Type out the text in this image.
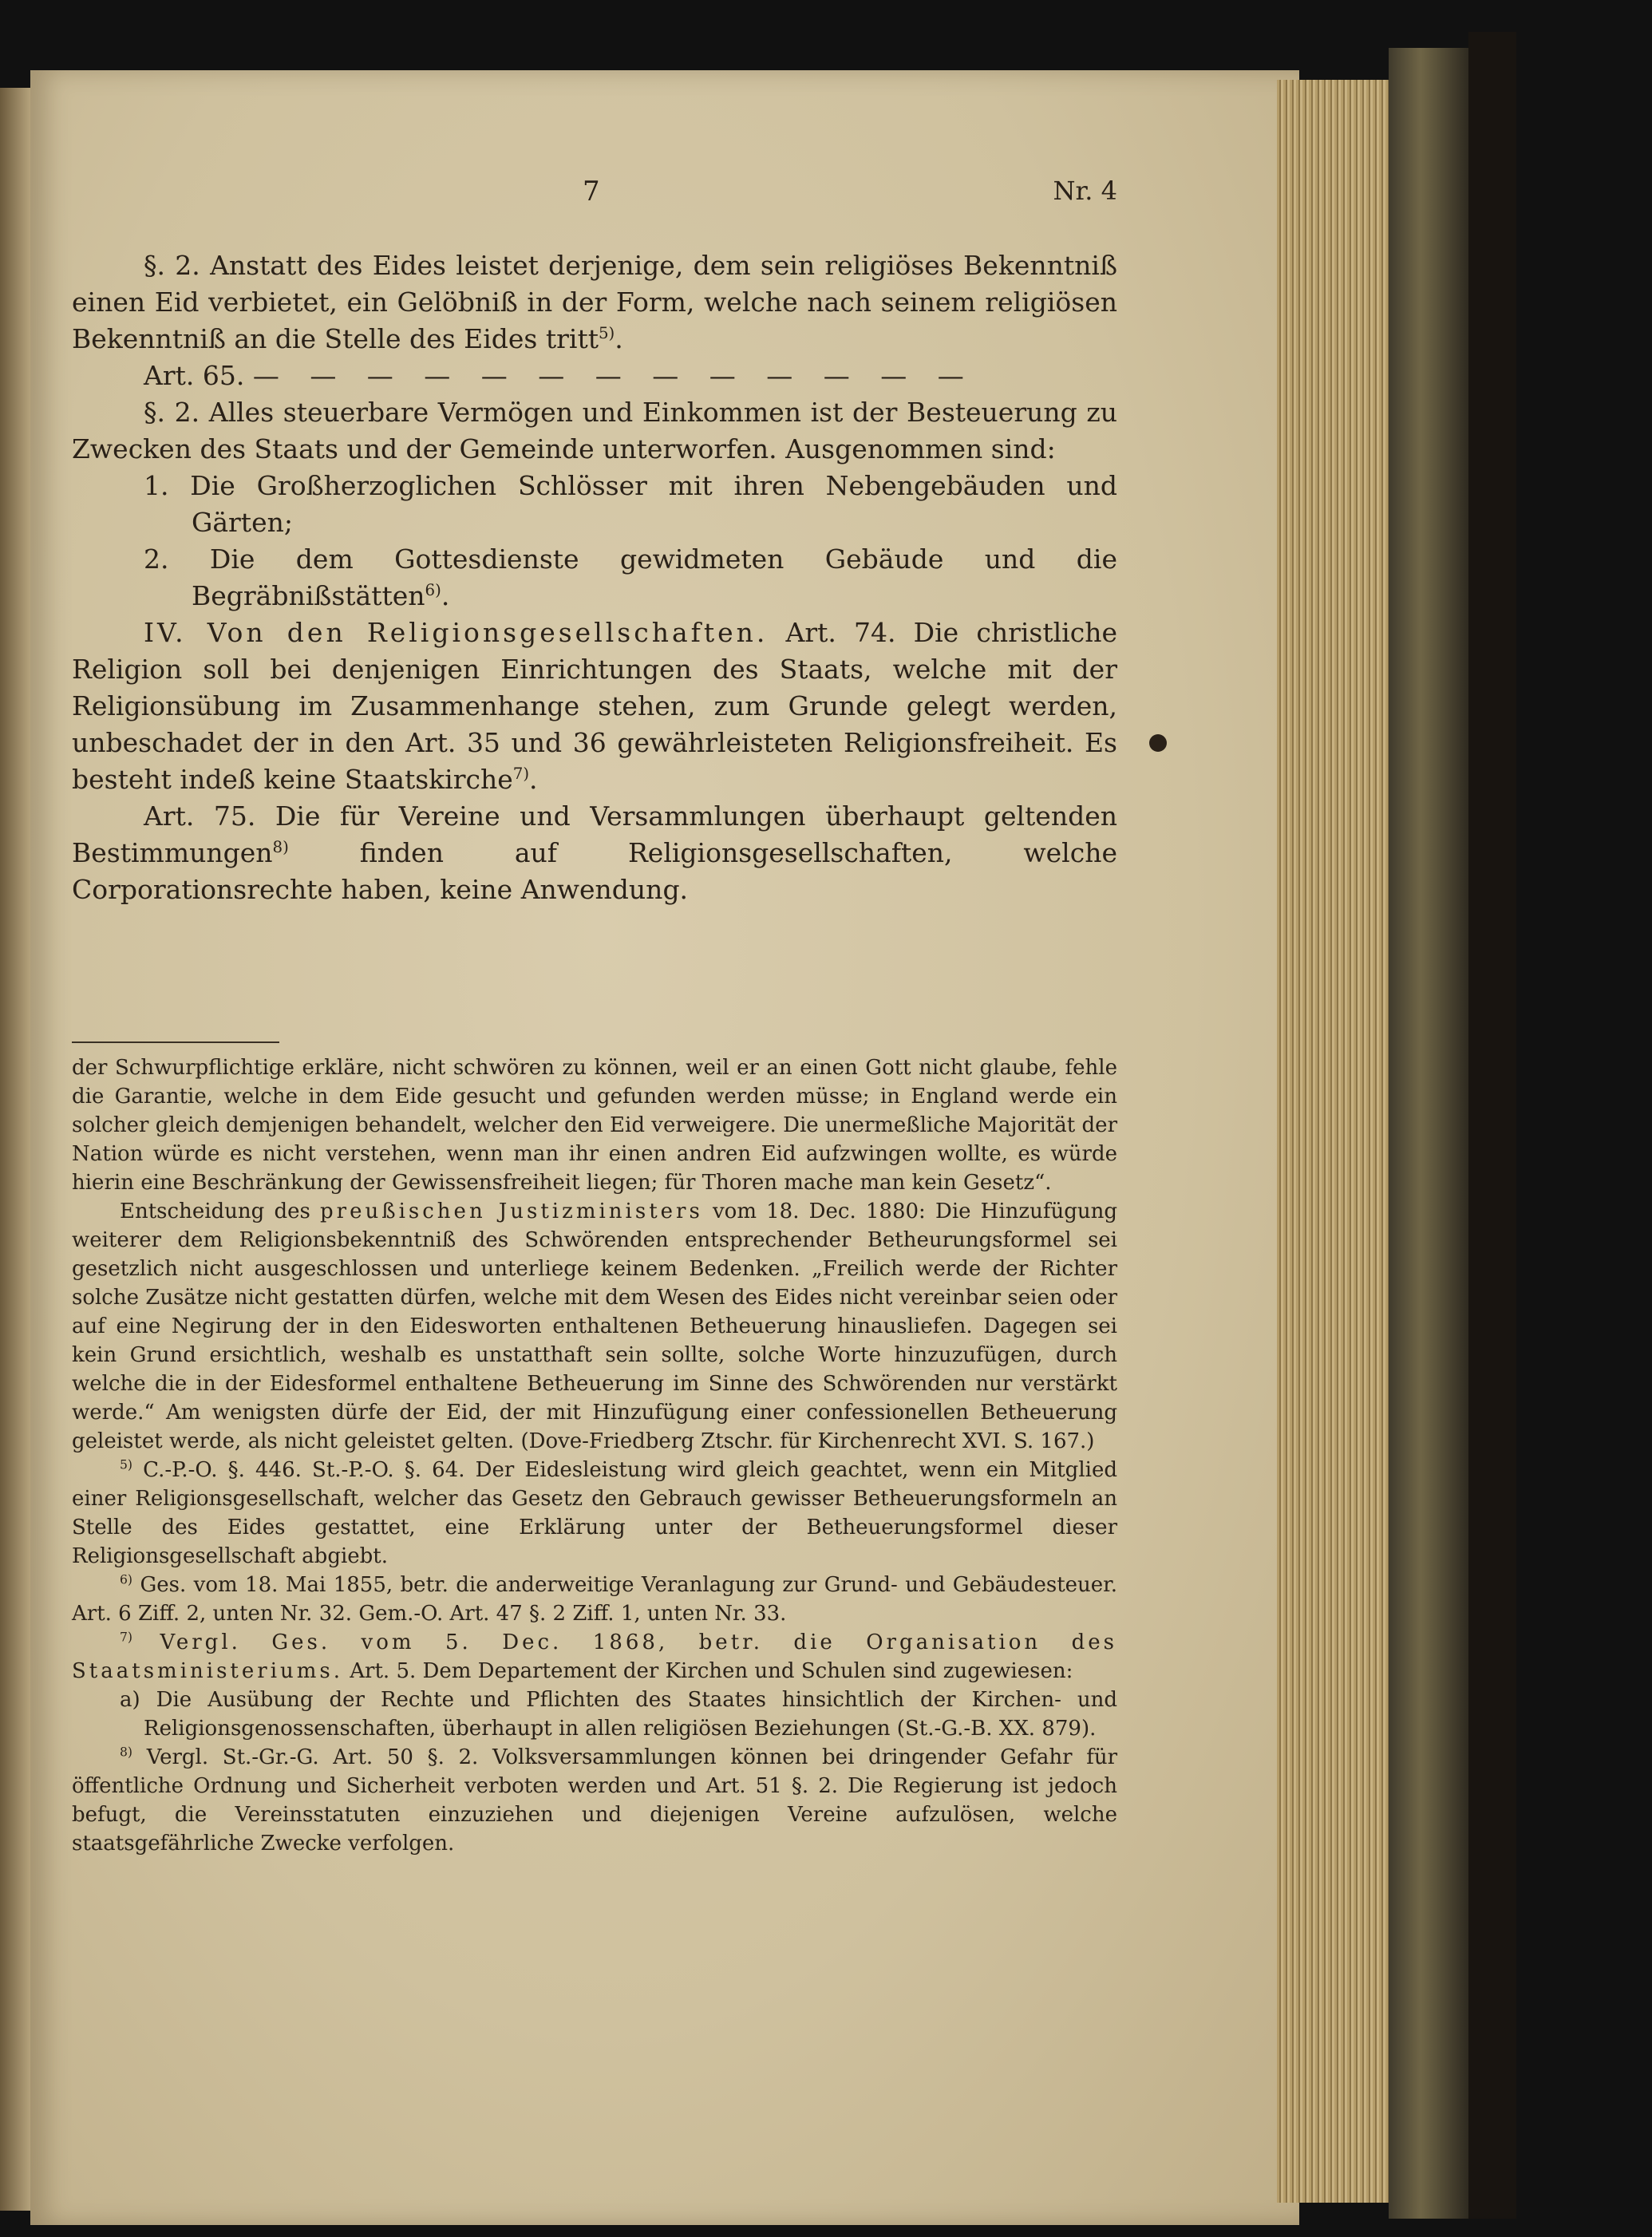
7	Nr. 4

§. 2. Anstatt des Eides leistet derjenige, dem sein religiöses Bekenntniß einen Eid verbietet, ein Gelöbniß in der Form, welche nach seinem religiösen Bekenntniß an die Stelle des Eides tritt$^{5)}$.

Art. 65. — — — — — — — — — — — — —

§. 2. Alles steuerbare Vermögen und Einkommen ist der Besteuerung zu Zwecken des Staats und der Gemeinde unterworfen. Ausgenommen sind:

1. Die Großherzoglichen Schlösser mit ihren Nebengebäuden und Gärten;

2. Die dem Gottesdienste gewidmeten Gebäude und die Begräbnißstätten$^{6)}$.

IV. Von den Religionsgesellschaften. Art. 74. Die christliche Religion soll bei denjenigen Einrichtungen des Staats, welche mit der Religionsübung im Zusammenhange stehen, zum Grunde gelegt werden, unbeschadet der in den Art. 35 und 36 gewährleisteten Religionsfreiheit. Es besteht indeß keine Staatskirche$^{7)}$.

Art. 75. Die für Vereine und Versammlungen überhaupt geltenden Bestimmungen$^{8)}$ finden auf Religionsgesellschaften, welche Corporationsrechte haben, keine Anwendung.

der Schwurpflichtige erkläre, nicht schwören zu können, weil er an einen Gott nicht glaube, fehle die Garantie, welche in dem Eide gesucht und gefunden werden müsse; in England werde ein solcher gleich demjenigen behandelt, welcher den Eid verweigere. Die unermeßliche Majorität der Nation würde es nicht verstehen, wenn man ihr einen andren Eid aufzwingen wollte, es würde hierin eine Beschränkung der Gewissensfreiheit liegen; für Thoren mache man kein Gesetz“.

Entscheidung des preußischen Justizministers vom 18. Dec. 1880: Die Hinzufügung weiterer dem Religionsbekenntniß des Schwörenden entsprechender Betheurungsformel sei gesetzlich nicht ausgeschlossen und unterliege keinem Bedenken. „Freilich werde der Richter solche Zusätze nicht gestatten dürfen, welche mit dem Wesen des Eides nicht vereinbar seien oder auf eine Negirung der in den Eidesworten enthaltenen Betheuerung hinausliefen. Dagegen sei kein Grund ersichtlich, weshalb es unstatthaft sein sollte, solche Worte hinzuzufügen, durch welche die in der Eidesformel enthaltene Betheuerung im Sinne des Schwörenden nur verstärkt werde.“ Am wenigsten dürfe der Eid, der mit Hinzufügung einer confessionellen Betheuerung geleistet werde, als nicht geleistet gelten. (Dove-Friedberg Ztschr. für Kirchenrecht XVI. S. 167.)

$^{5)}$ C.-P.-O. §. 446. St.-P.-O. §. 64. Der Eidesleistung wird gleich geachtet, wenn ein Mitglied einer Religionsgesellschaft, welcher das Gesetz den Gebrauch gewisser Betheuerungsformeln an Stelle des Eides gestattet, eine Erklärung unter der Betheuerungsformel dieser Religionsgesellschaft abgiebt.

$^{6)}$ Ges. vom 18. Mai 1855, betr. die anderweitige Veranlagung zur Grund- und Gebäudesteuer. Art. 6 Ziff. 2, unten Nr. 32. Gem.-O. Art. 47 §. 2 Ziff. 1, unten Nr. 33.

$^{7)}$ Vergl. Ges. vom 5. Dec. 1868, betr. die Organisation des Staatsministeriums. Art. 5. Dem Departement der Kirchen und Schulen sind zugewiesen:

a) Die Ausübung der Rechte und Pflichten des Staates hinsichtlich der Kirchen- und Religionsgenossenschaften, überhaupt in allen religiösen Beziehungen (St.-G.-B. XX. 879).

$^{8)}$ Vergl. St.-Gr.-G. Art. 50 §. 2. Volksversammlungen können bei dringender Gefahr für öffentliche Ordnung und Sicherheit verboten werden und Art. 51 §. 2. Die Regierung ist jedoch befugt, die Vereinsstatuten einzuziehen und diejenigen Vereine aufzulösen, welche staatsgefährliche Zwecke verfolgen.
